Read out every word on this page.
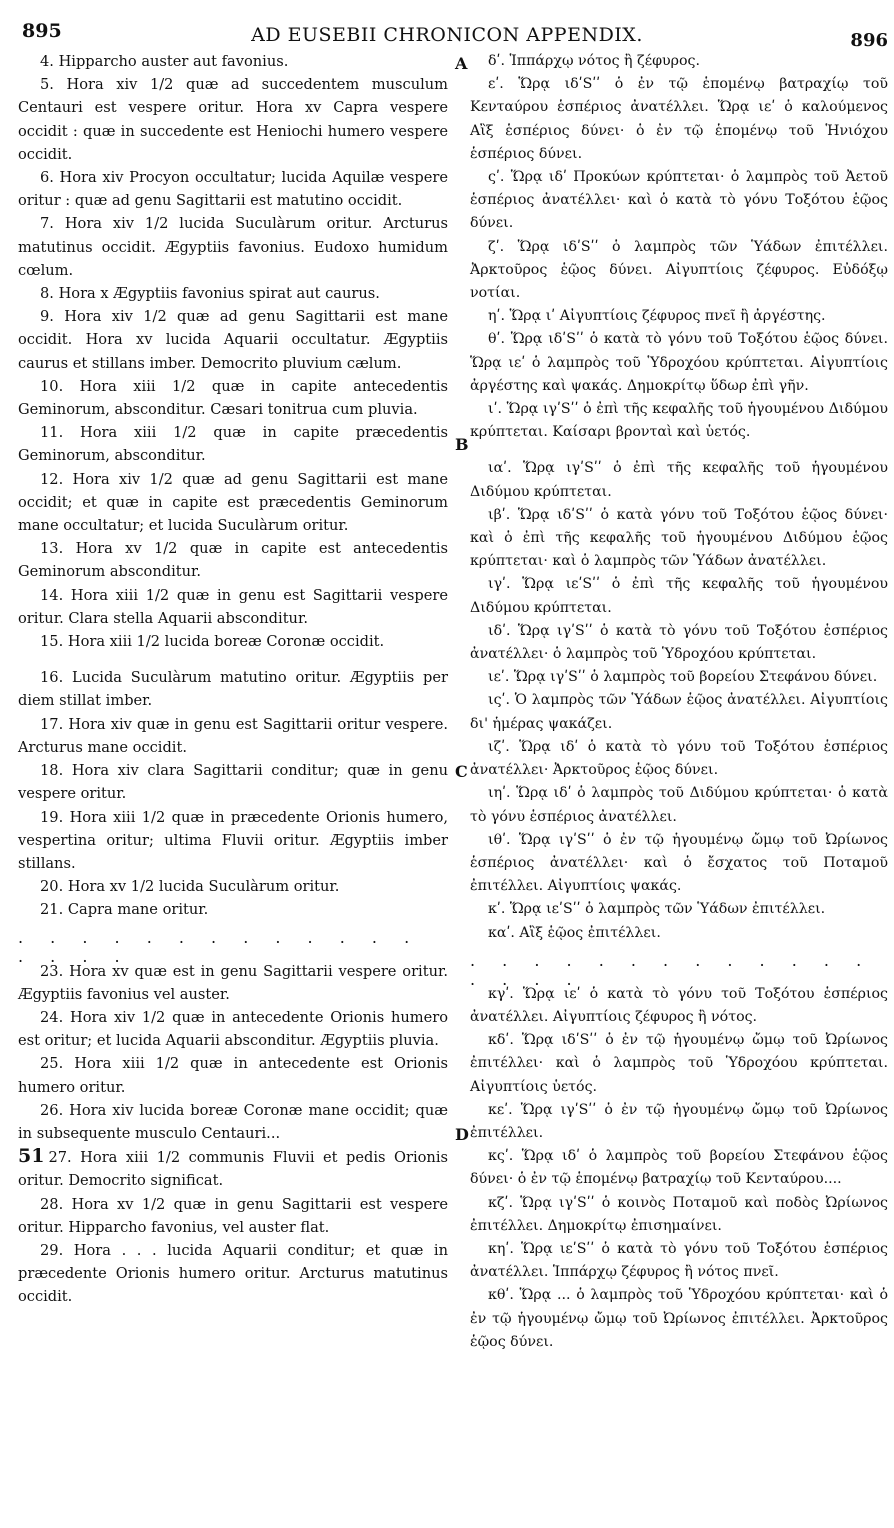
895	AD EUSEBII CHRONICON APPENDIX.	896
A
B
C
D

4. Hipparcho auster aut favonius.

5. Hora xiv 1/2 quæ ad succedentem musculum Centauri est vespere oritur. Hora xv Capra vespere occidit : quæ in succedente est Heniochi humero vespere occidit.

6. Hora xiv Procyon occultatur; lucida Aquilæ vespere oritur : quæ ad genu Sagittarii est matutino occidit.

7. Hora xiv 1/2 lucida Suculàrum oritur. Arcturus matutinus occidit. Ægyptiis favonius. Eudoxo humidum cœlum.

8. Hora x Ægyptiis favonius spirat aut caurus.

9. Hora xiv 1/2 quæ ad genu Sagittarii est mane occidit. Hora xv lucida Aquarii occultatur. Ægyptiis caurus et stillans imber. Democrito pluvium cælum.

10. Hora xiii 1/2 quæ in capite antecedentis Geminorum, absconditur. Cæsari tonitrua cum pluvia.

11. Hora xiii 1/2 quæ in capite præcedentis Geminorum, absconditur.

12. Hora xiv 1/2 quæ ad genu Sagittarii est mane occidit; et quæ in capite est præcedentis Geminorum mane occultatur; et lucida Suculàrum oritur.

13. Hora xv 1/2 quæ in capite est antecedentis Geminorum absconditur.

14. Hora xiii 1/2 quæ in genu est Sagittarii vespere oritur. Clara stella Aquarii absconditur.

15. Hora xiii 1/2 lucida boreæ Coronæ occidit.

16. Lucida Suculàrum matutino oritur. Ægyptiis per diem stillat imber.

17. Hora xiv quæ in genu est Sagittarii oritur vespere. Arcturus mane occidit.

18. Hora xiv clara Sagittarii conditur; quæ in genu vespere oritur.

19. Hora xiii 1/2 quæ in præcedente Orionis humero, vespertina oritur; ultima Fluvii oritur. Ægyptiis imber stillans.

20. Hora xv 1/2 lucida Suculàrum oritur.

21. Capra mane oritur.

. . . . . . . . . . . . . . . . .

23. Hora xv quæ est in genu Sagittarii vespere oritur. Ægyptiis favonius vel auster.

24. Hora xiv 1/2 quæ in antecedente Orionis humero est oritur; et lucida Aquarii absconditur. Ægyptiis pluvia.

25. Hora xiii 1/2 quæ in antecedente est Orionis humero oritur.

26. Hora xiv lucida boreæ Coronæ mane occidit; quæ in subsequente musculo Centauri...

51 27. Hora xiii 1/2 communis Fluvii et pedis Orionis oritur. Democrito significat.

28. Hora xv 1/2 quæ in genu Sagittarii est vespere oritur. Hipparcho favonius, vel auster flat.

29. Hora . . . lucida Aquarii conditur; et quæ in præcedente Orionis humero oritur. Arcturus matutinus occidit.

δʹ. Ἱππάρχῳ νότος ἢ ζέφυρος.

εʹ. Ὥρᾳ ιδʹSʹʹ ὁ ἐν τῷ ἑπομένῳ βατραχίῳ τοῦ Κενταύρου ἑσπέριος ἀνατέλλει. Ὥρᾳ ιεʹ ὁ καλούμενος Αἲξ ἑσπέριος δύνει· ὁ ἐν τῷ ἑπομένῳ τοῦ Ἡνιόχου ἑσπέριος δύνει.

ςʹ. Ὥρᾳ ιδʹ Προκύων κρύπτεται· ὁ λαμπρὸς τοῦ Ἀετοῦ ἑσπέριος ἀνατέλλει· καὶ ὁ κατὰ τὸ γόνυ Τοξότου ἑῷος δύνει.

ζʹ. Ὥρᾳ ιδʹSʹʹ ὁ λαμπρὸς τῶν Ὑάδων ἐπιτέλλει. Ἀρκτοῦρος ἑῷος δύνει. Αἰγυπτίοις ζέφυρος. Εὐδόξῳ νοτίαι.

ηʹ. Ὥρᾳ ιʹ Αἰγυπτίοις ζέφυρος πνεῖ ἢ ἀργέστης.

θʹ. Ὥρᾳ ιδʹSʹʹ ὁ κατὰ τὸ γόνυ τοῦ Τοξότου ἑῷος δύνει. Ὥρᾳ ιεʹ ὁ λαμπρὸς τοῦ Ὑδροχόου κρύπτεται. Αἰγυπτίοις ἀργέστης καὶ ψακάς. Δημοκρίτῳ ὕδωρ ἐπὶ γῆν.

ιʹ. Ὥρᾳ ιγʹSʹʹ ὁ ἐπὶ τῆς κεφαλῆς τοῦ ἡγουμένου Διδύμου κρύπτεται. Καίσαρι βρονταὶ καὶ ὑετός.

ιαʹ. Ὥρᾳ ιγʹSʹʹ ὁ ἐπὶ τῆς κεφαλῆς τοῦ ἡγουμένου Διδύμου κρύπτεται.

ιβʹ. Ὥρᾳ ιδʹSʹʹ ὁ κατὰ γόνυ τοῦ Τοξότου ἑῷος δύνει· καὶ ὁ ἐπὶ τῆς κεφαλῆς τοῦ ἡγουμένου Διδύμου ἑῷος κρύπτεται· καὶ ὁ λαμπρὸς τῶν Ὑάδων ἀνατέλλει.

ιγʹ. Ὥρᾳ ιεʹSʹʹ ὁ ἐπὶ τῆς κεφαλῆς τοῦ ἡγουμένου Διδύμου κρύπτεται.

ιδʹ. Ὥρᾳ ιγʹSʹʹ ὁ κατὰ τὸ γόνυ τοῦ Τοξότου ἑσπέριος ἀνατέλλει· ὁ λαμπρὸς τοῦ Ὑδροχόου κρύπτεται.

ιεʹ. Ὥρᾳ ιγʹSʹʹ ὁ λαμπρὸς τοῦ βορείου Στεφάνου δύνει.

ιςʹ. Ὁ λαμπρὸς τῶν Ὑάδων ἑῷος ἀνατέλλει. Αἰγυπτίοις δι' ἡμέρας ψακάζει.

ιζʹ. Ὥρᾳ ιδʹ ὁ κατὰ τὸ γόνυ τοῦ Τοξότου ἑσπέριος ἀνατέλλει· Ἀρκτοῦρος ἑῷος δύνει.

ιηʹ. Ὥρᾳ ιδʹ ὁ λαμπρὸς τοῦ Διδύμου κρύπτεται· ὁ κατὰ τὸ γόνυ ἑσπέριος ἀνατέλλει.

ιθʹ. Ὥρᾳ ιγʹSʹʹ ὁ ἐν τῷ ἡγουμένῳ ὤμῳ τοῦ Ὠρίωνος ἑσπέριος ἀνατέλλει· καὶ ὁ ἔσχατος τοῦ Ποταμοῦ ἐπιτέλλει. Αἰγυπτίοις ψακάς.

κʹ. Ὥρᾳ ιεʹSʹʹ ὁ λαμπρὸς τῶν Ὑάδων ἐπιτέλλει.

καʹ. Αἲξ ἑῷος ἐπιτέλλει.

. . . . . . . . . . . . . . . . .

κγʹ. Ὥρᾳ ιεʹ ὁ κατὰ τὸ γόνυ τοῦ Τοξότου ἑσπέριος ἀνατέλλει. Αἰγυπτίοις ζέφυρος ἢ νότος.

κδʹ. Ὥρᾳ ιδʹSʹʹ ὁ ἐν τῷ ἡγουμένῳ ὤμῳ τοῦ Ὠρίωνος ἐπιτέλλει· καὶ ὁ λαμπρὸς τοῦ Ὑδροχόου κρύπτεται. Αἰγυπτίοις ὑετός.

κεʹ. Ὥρᾳ ιγʹSʹʹ ὁ ἐν τῷ ἡγουμένῳ ὤμῳ τοῦ Ὠρίωνος ἐπιτέλλει.

κςʹ. Ὥρᾳ ιδʹ ὁ λαμπρὸς τοῦ βορείου Στεφάνου ἑῷος δύνει· ὁ ἐν τῷ ἑπομένῳ βατραχίῳ τοῦ Κενταύρου....

κζʹ. Ὥρᾳ ιγʹSʹʹ ὁ κοινὸς Ποταμοῦ καὶ ποδὸς Ὠρίωνος ἐπιτέλλει. Δημοκρίτῳ ἐπισημαίνει.

κηʹ. Ὥρᾳ ιεʹSʹʹ ὁ κατὰ τὸ γόνυ τοῦ Τοξότου ἑσπέριος ἀνατέλλει. Ἱππάρχῳ ζέφυρος ἢ νότος πνεῖ.

κθʹ. Ὥρᾳ ... ὁ λαμπρὸς τοῦ Ὑδροχόου κρύπτεται· καὶ ὁ ἐν τῷ ἡγουμένῳ ὤμῳ τοῦ Ὠρίωνος ἐπιτέλλει. Ἀρκτοῦρος ἑῷος δύνει.
